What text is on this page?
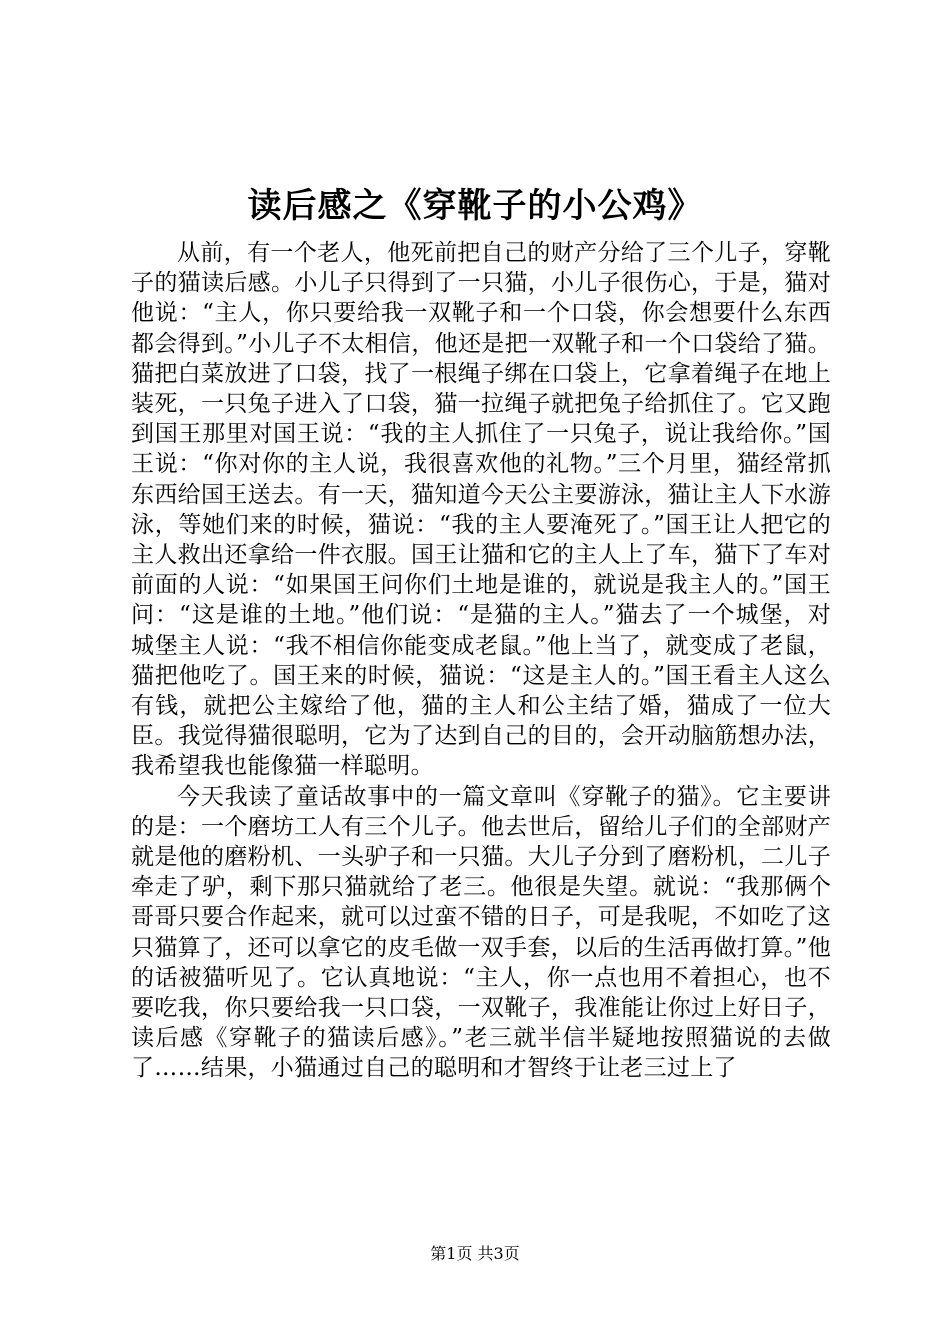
读后感之《穿靴子的小公鸡》

从前，有一个老人，他死前把自己的财产分给了三个儿子，穿靴子的猫读后感。小儿子只得到了一只猫，小儿子很伤心，于是，猫对他说：“主人，你只要给我一双靴子和一个口袋，你会想要什么东西都会得到。”小儿子不太相信，他还是把一双靴子和一个口袋给了猫。猫把白菜放进了口袋，找了一根绳子绑在口袋上，它拿着绳子在地上装死，一只兔子进入了口袋，猫一拉绳子就把兔子给抓住了。它又跑到国王那里对国王说：“我的主人抓住了一只兔子，说让我给你。”国王说：“你对你的主人说，我很喜欢他的礼物。”三个月里，猫经常抓东西给国王送去。有一天，猫知道今天公主要游泳，猫让主人下水游泳，等她们来的时候，猫说：“我的主人要淹死了。”国王让人把它的主人救出还拿给一件衣服。国王让猫和它的主人上了车，猫下了车对前面的人说：“如果国王问你们土地是谁的，就说是我主人的。”国王问：“这是谁的土地。”他们说：“是猫的主人。”猫去了一个城堡，对城堡主人说：“我不相信你能变成老鼠。”他上当了，就变成了老鼠，猫把他吃了。国王来的时候，猫说：“这是主人的。”国王看主人这么有钱，就把公主嫁给了他，猫的主人和公主结了婚，猫成了一位大臣。我觉得猫很聪明，它为了达到自己的目的，会开动脑筋想办法，我希望我也能像猫一样聪明。

今天我读了童话故事中的一篇文章叫《穿靴子的猫》。它主要讲的是：一个磨坊工人有三个儿子。他去世后，留给儿子们的全部财产就是他的磨粉机、一头驴子和一只猫。大儿子分到了磨粉机，二儿子牵走了驴，剩下那只猫就给了老三。他很是失望。就说：“我那俩个哥哥只要合作起来，就可以过蛮不错的日子，可是我呢，不如吃了这只猫算了，还可以拿它的皮毛做一双手套，以后的生活再做打算。”他的话被猫听见了。它认真地说：“主人，你一点也用不着担心，也不要吃我，你只要给我一只口袋，一双靴子，我准能让你过上好日子，读后感《穿靴子的猫读后感》。”老三就半信半疑地按照猫说的去做了……结果，小猫通过自己的聪明和才智终于让老三过上了

第1页 共3页
